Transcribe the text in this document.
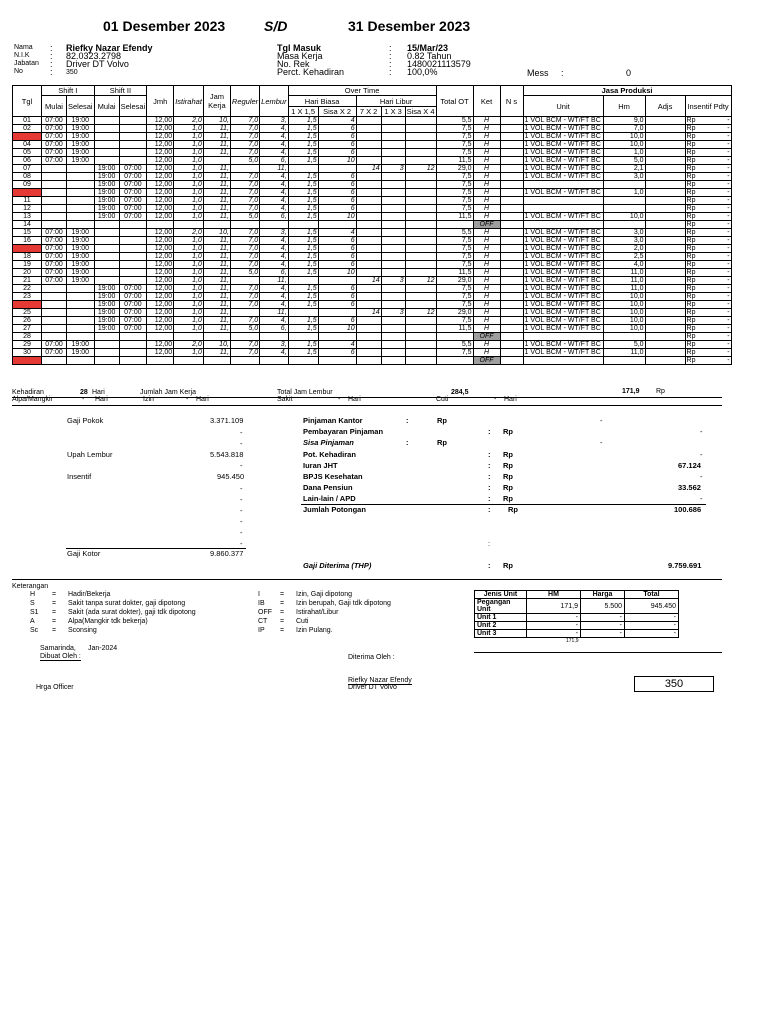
01 Desember 2023	S/D	31 Desember 2023
Nama
N.I.K
Jabatan
No
:
:
:
:
Riefky Nazar Efendy
82.0323.2798
Driver DT Volvo
350
Tgl Masuk
Masa Kerja
No. Rek
Perct. Kehadiran
:
:
:
:
15/Mar/23
0.82 Tahun
1480021113579
100,0%	Mess :	0
Tgl	Shift I		Shift II		Jmh	Istirahat	Jam Kerja	Reguler	Lembur	Over Time					Total OT	Ket	N s	Jasa Produksi			
	Mulai	Selesai	Mulai	Selesai						Hari Biasa		Hari Libur						Unit	Hm	Adjs	Insentif Pdty
										1 X 1,5	Sisa X 2	7 X 2	1 X 3	Sisa X 4							
01	07:00	19:00			12,00	2,0	10,	7,0	3,	1,5	4				5,5	H		1 VOL BCM - WT/FT BC	9,0		Rp -

02	07:00	19:00			12,00	1,0	11,	7,0	4,	1,5	6				7,5	H		1 VOL BCM - WT/FT BC	7,0		Rp -

03	07:00	19:00			12,00	1,0	11,	7,0	4,	1,5	6				7,5	H		1 VOL BCM - WT/FT BC	10,0		Rp -

04	07:00	19:00			12,00	1,0	11,	7,0	4,	1,5	6				7,5	H		1 VOL BCM - WT/FT BC	10,0		Rp -

05	07:00	19:00			12,00	1,0	11,	7,0	4,	1,5	6				7,5	H		1 VOL BCM - WT/FT BC	1,0		Rp -

06	07:00	19:00			12,00	1,0		5,0	6,	1,5	10				11,5	H		1 VOL BCM - WT/FT BC	5,0		Rp -

07			19:00	07:00	12,00	1,0	11,		11,			14	3	12	29,0	H		1 VOL BCM - WT/FT BC	2,1		Rp -

08			19:00	07:00	12,00	1,0	11,	7,0	4,	1,5	6				7,5	H		1 VOL BCM - WT/FT BC	3,0		Rp -

09			19:00	07:00	12,00	1,0	11,	7,0	4,	1,5	6				7,5	H					Rp -

10			19:00	07:00	12,00	1,0	11,	7,0	4,	1,5	6				7,5	H		1 VOL BCM - WT/FT BC	1,0		Rp -

11			19:00	07:00	12,00	1,0	11,	7,0	4,	1,5	6				7,5	H					Rp -

12			19:00	07:00	12,00	1,0	11,	7,0	4,	1,5	6				7,5	H					Rp -

13			19:00	07:00	12,00	1,0	11,	5,0	6,	1,5	10				11,5	H		1 VOL BCM - WT/FT BC	10,0		Rp -

14																OFF					Rp -

15	07:00	19:00			12,00	2,0	10,	7,0	3,	1,5	4				5,5	H		1 VOL BCM - WT/FT BC	3,0		Rp -

16	07:00	19:00			12,00	1,0	11,	7,0	4,	1,5	6				7,5	H		1 VOL BCM - WT/FT BC	3,0		Rp -

17	07:00	19:00			12,00	1,0	11,	7,0	4,	1,5	6				7,5	H		1 VOL BCM - WT/FT BC	2,0		Rp -

18	07:00	19:00			12,00	1,0	11,	7,0	4,	1,5	6				7,5	H		1 VOL BCM - WT/FT BC	2,5		Rp -

19	07:00	19:00			12,00	1,0	11,	7,0	4,	1,5	6				7,5	H		1 VOL BCM - WT/FT BC	4,0		Rp -

20	07:00	19:00			12,00	1,0	11,	5,0	6,	1,5	10				11,5	H		1 VOL BCM - WT/FT BC	11,0		Rp -

21	07:00	19:00			12,00	1,0	11,		11,			14	3	12	29,0	H		1 VOL BCM - WT/FT BC	11,0		Rp -

22			19:00	07:00	12,00	1,0	11,	7,0	4,	1,5	6				7,5	H		1 VOL BCM - WT/FT BC	11,0		Rp -

23			19:00	07:00	12,00	1,0	11,	7,0	4,	1,5	6				7,5	H		1 VOL BCM - WT/FT BC	10,0		Rp -

24			19:00	07:00	12,00	1,0	11,	7,0	4,	1,5	6				7,5	H		1 VOL BCM - WT/FT BC	10,0		Rp -

25			19:00	07:00	12,00	1,0	11,		11,			14	3	12	29,0	H		1 VOL BCM - WT/FT BC	10,0		Rp -

26			19:00	07:00	12,00	1,0	11,	7,0	4,	1,5	6				7,5	H		1 VOL BCM - WT/FT BC	10,0		Rp -

27			19:00	07:00	12,00	1,0	11,	5,0	6,	1,5	10				11,5	H		1 VOL BCM - WT/FT BC	10,0		Rp -

28																OFF					Rp -

29	07:00	19:00			12,00	2,0	10,	7,0	3,	1,5	4				5,5	H		1 VOL BCM - WT/FT BC	5,0		Rp -

30	07:00	19:00			12,00	1,0	11,	7,0	4,	1,5	6				7,5	H		1 VOL BCM - WT/FT BC	11,0		Rp -

31																OFF					Rp -
Kehadiran	28 Hari	Jumlah Jam Kerja	Total Jam Lembur	284,5	171,9 Rp
Alpa/Mangkir	- Hari	Izin	- Hari	Sakit	- Hari	Cuti	- Hari
Gaji Pokok	3.371.109
-
-
Upah Lembur	5.543.818
-
Insentif	945.450
-
-
-
-
-
-
Gaji Kotor	9.860.377
Pinjaman Kantor	:	Rp	-
Pembayaran Pinjaman	: Rp	-
Sisa Pinjaman	:	Rp	-
Pot. Kehadiran	: Rp	-
Iuran JHT	: Rp	67.124
BPJS Kesehatan	: Rp	-
Dana Pensiun	: Rp	33.562
Lain-lain / APD	: Rp	-
Jumlah Potongan	: Rp	100.686
:
Gaji Diterima (THP)	: Rp	9.759.691
Keterangan
H = Hadir/Bekerja
S = Sakit tanpa surat dokter, gaji dipotong
S1 = Sakit (ada surat dokter), gaji tdk dipotong
A = Alpa(Mangkir tdk bekerja)
Sc = Sconsing
I	= Izin, Gaji dipotong
IB = Izin berupah, Gaji tdk dipotong
OFF = Istirahat/Libur
CT = Cuti
IP = Izin Pulang.
Jenis Unit	HM	Harga	Total
Pegangan Unit	171,9	5.500	945.450
Unit 1	-	-	-
Unit 2	-	-	-
Unit 3	-	-	-
	171,9		
Samarinda, Jan-2024
Dibuat Oleh :	Diterima Oleh :
Hrga Officer
Riefky Nazar Efendy
Driver DT Volvo	350
